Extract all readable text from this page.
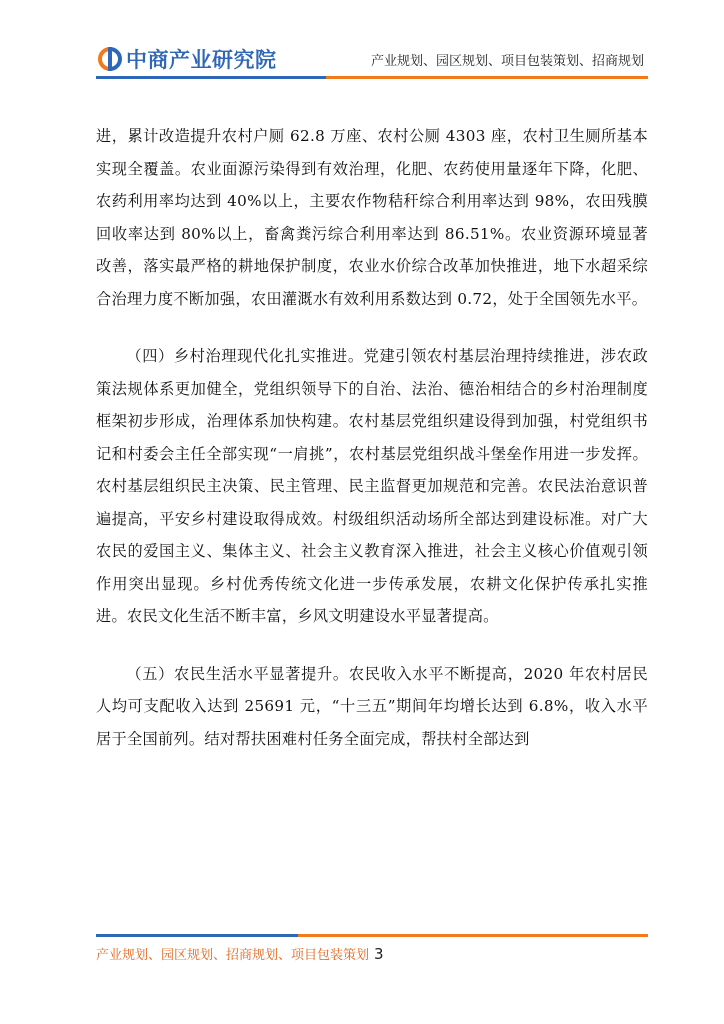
中商产业研究院	产业规划、园区规划、项目包装策划、招商规划

进，累计改造提升农村户厕 62.8 万座、农村公厕 4303 座，农村卫生厕所基本实现全覆盖。农业面源污染得到有效治理，化肥、农药使用量逐年下降，化肥、农药利用率均达到 40%以上，主要农作物秸秆综合利用率达到 98%，农田残膜回收率达到 80%以上，畜禽粪污综合利用率达到 86.51%。农业资源环境显著改善，落实最严格的耕地保护制度，农业水价综合改革加快推进，地下水超采综合治理力度不断加强，农田灌溉水有效利用系数达到 0.72，处于全国领先水平。

（四）乡村治理现代化扎实推进。党建引领农村基层治理持续推进，涉农政策法规体系更加健全，党组织领导下的自治、法治、德治相结合的乡村治理制度框架初步形成，治理体系加快构建。农村基层党组织建设得到加强，村党组织书记和村委会主任全部实现“一肩挑”，农村基层党组织战斗堡垒作用进一步发挥。农村基层组织民主决策、民主管理、民主监督更加规范和完善。农民法治意识普遍提高，平安乡村建设取得成效。村级组织活动场所全部达到建设标准。对广大农民的爱国主义、集体主义、社会主义教育深入推进，社会主义核心价值观引领作用突出显现。乡村优秀传统文化进一步传承发展，农耕文化保护传承扎实推进。农民文化生活不断丰富，乡风文明建设水平显著提高。

（五）农民生活水平显著提升。农民收入水平不断提高，2020 年农村居民人均可支配收入达到 25691 元，“十三五”期间年均增长达到 6.8%，收入水平居于全国前列。结对帮扶困难村任务全面完成，帮扶村全部达到

产业规划、园区规划、招商规划、项目包装策划 3
